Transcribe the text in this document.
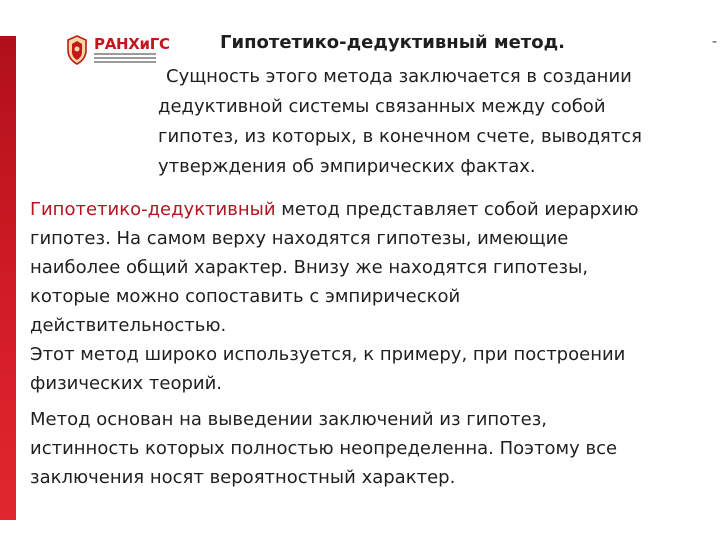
РАНХиГС	Гипотетико-дедуктивный метод.	-

Сущность этого метода заключается в создании
дедуктивной системы связанных между собой
гипотез, из которых, в конечном счете, выводятся
утверждения об эмпирических фактах.

Гипотетико-дедуктивный метод представляет собой иерархию
гипотез. На самом верху находятся гипотезы, имеющие
наиболее общий характер. Внизу же находятся гипотезы,
которые можно сопоставить с эмпирической
действительностью.
Этот метод широко используется, к примеру, при построении
физических теорий.

Метод основан на выведении заключений из гипотез,
истинность которых полностью неопределенна. Поэтому все
заключения носят вероятностный характер.
